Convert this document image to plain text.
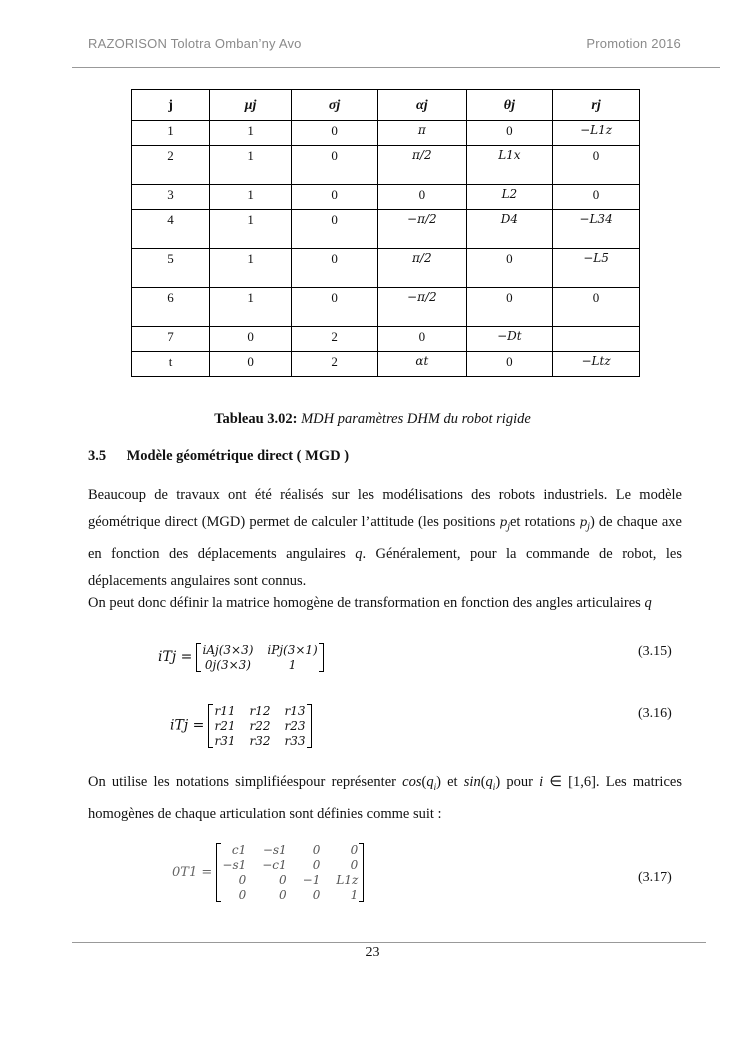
RAZORISON Tolotra Omban’ny Avo	Promotion 2016
j	μj	σj	αj	θj	rj
1	1	0	π	0	−L1z
2	1	0	π/2	L1x	0
3	1	0	0	L2	0
4	1	0	−π/2	D4	−L34
5	1	0	π/2	0	−L5
6	1	0	−π/2	0	0
7	0	2	0	−Dt	
t	0	2	αt	0	−Ltz
Tableau 3.02: MDH paramètres DHM du robot rigide
3.5 Modèle géométrique direct ( MGD )
Beaucoup de travaux ont été réalisés sur les modélisations des robots industriels. Le modèle géométrique direct (MGD) permet de calculer l’attitude (les positions $p_jet$ rotations $p_j$) de chaque axe en fonction des déplacements angulaires q. Généralement, pour la commande de robot, les déplacements angulaires sont connus.
On peut donc définir la matrice homogène de transformation en fonction des angles articulaires q
iTj = iAj(3×3) iPj(3×1)
0j(3×3)	1
(3.15)
iTj =
r11 r12 r13
r21 r22 r23
r31 r32 r33
(3.16)
On utilise les notations simplifiéespour représenter $\cos(q_i)$ et $\sin(q_i)$ pour i ∈ [1,6]. Les matrices homogènes de chaque articulation sont définies comme suit :
0T1 =
c1 −s1	0	0
−s1 −c1	0	0
0	0 −1 L1z
0	0	0	1
(3.17)
23
